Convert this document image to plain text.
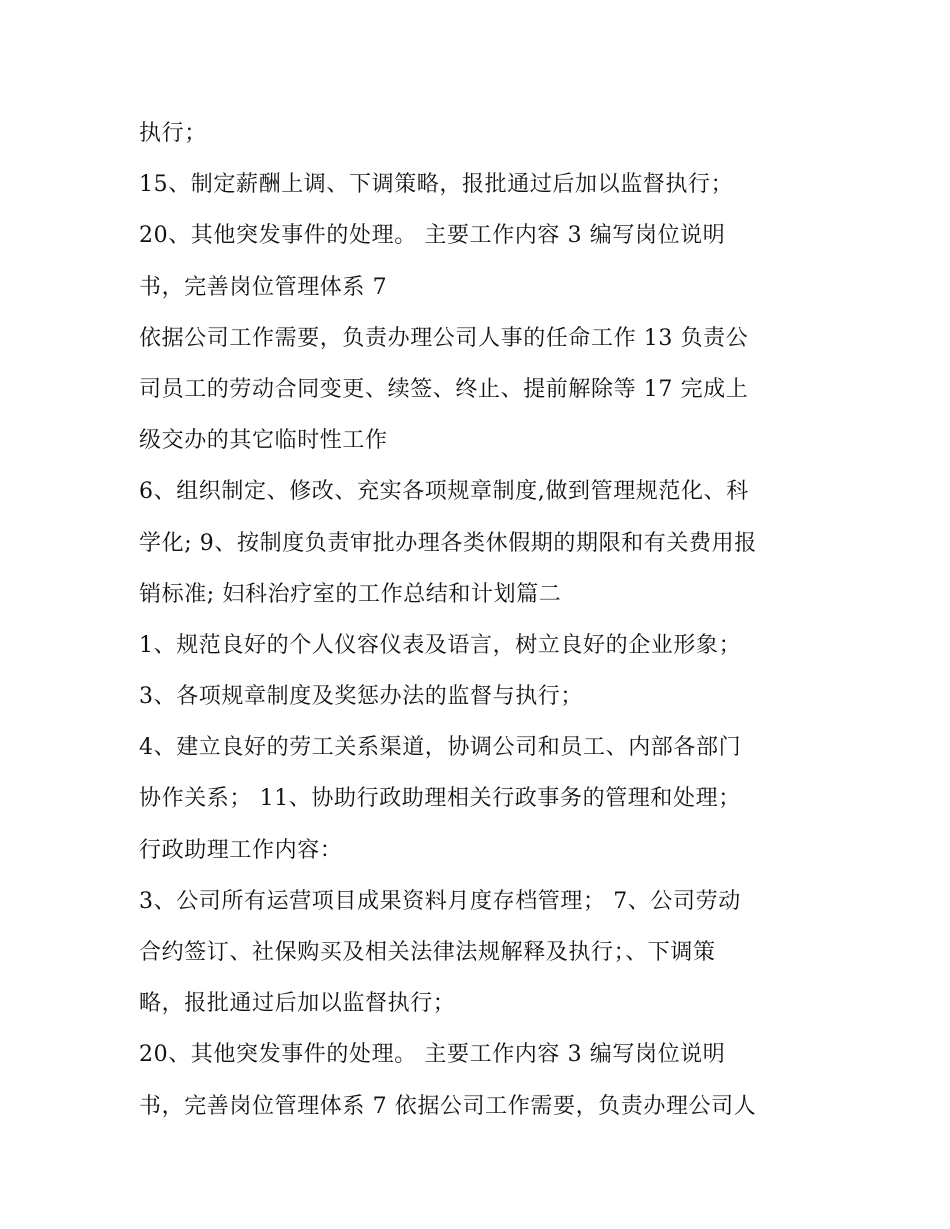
执行；
15、制定薪酬上调、下调策略，报批通过后加以监督执行；
20、其他突发事件的处理。 主要工作内容 3 编写岗位说明
书，完善岗位管理体系 7
依据公司工作需要，负责办理公司人事的任命工作 13 负责公
司员工的劳动合同变更、续签、终止、提前解除等 17 完成上
级交办的其它临时性工作
6、组织制定、修改、充实各项规章制度,做到管理规范化、科
学化; 9、按制度负责审批办理各类休假期的期限和有关费用报
销标准; 妇科治疗室的工作总结和计划篇二
1、规范良好的个人仪容仪表及语言，树立良好的企业形象；
3、各项规章制度及奖惩办法的监督与执行；
4、建立良好的劳工关系渠道，协调公司和员工、内部各部门
协作关系； 11、协助行政助理相关行政事务的管理和处理；
行政助理工作内容：
3、公司所有运营项目成果资料月度存档管理； 7、公司劳动
合约签订、社保购买及相关法律法规解释及执行；、下调策
略，报批通过后加以监督执行；
20、其他突发事件的处理。 主要工作内容 3 编写岗位说明
书，完善岗位管理体系 7 依据公司工作需要，负责办理公司人
